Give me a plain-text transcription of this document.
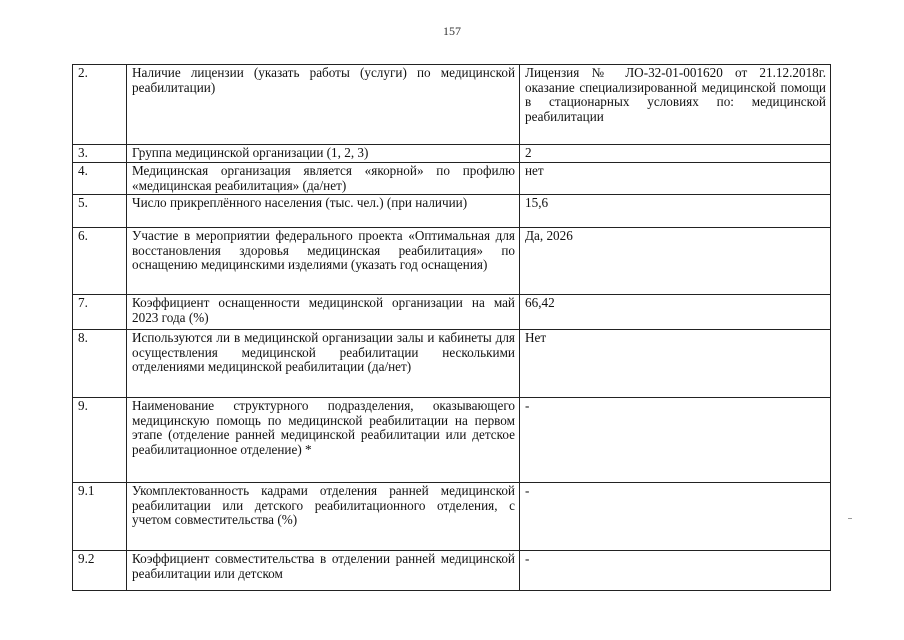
157
2.	Наличие лицензии (указать работы (услуги) по медицинской реабилитации)	Лицензия № ЛО-32-01-001620 от 21.12.2018г. оказание специализированной медицинской помощи в стационарных условиях по: медицинской реабилитации
3.	Группа медицинской организации (1, 2, 3)	2
4.	Медицинская организация является «якорной» по профилю «медицинская реабилитация» (да/нет)	нет
5.	Число прикреплённого населения (тыс. чел.) (при наличии)	15,6
6.	Участие в мероприятии федерального проекта «Оптимальная для восстановления здоровья медицинская реабилитация» по оснащению медицинскими изделиями (указать год оснащения)	Да, 2026
7.	Коэффициент оснащенности медицинской организации на май 2023 года (%)	66,42
8.	Используются ли в медицинской организации залы и кабинеты для осуществления медицинской реабилитации несколькими отделениями медицинской реабилитации (да/нет)	Нет
9.	Наименование структурного подразделения, оказывающего медицинскую помощь по медицинской реабилитации на первом этапе (отделение ранней медицинской реабилитации или детское реабилитационное отделение) *	-
9.1	Укомплектованность кадрами отделения ранней медицинской реабилитации или детского реабилитационного отделения, с учетом совместительства (%)	-
9.2	Коэффициент совместительства в отделении ранней медицинской реабилитации или детском	-
